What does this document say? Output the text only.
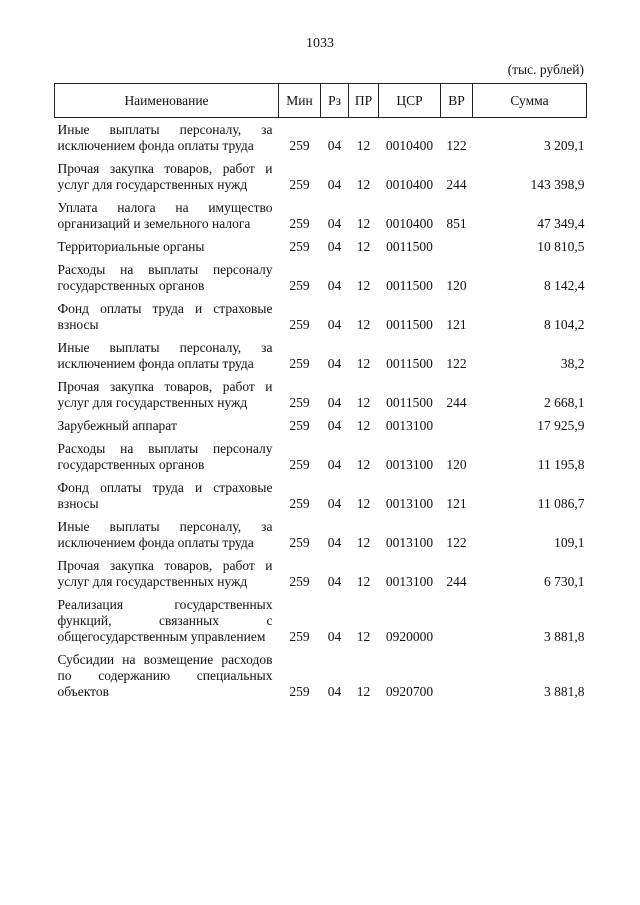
1033
(тыс. рублей)
Наименование	Мин	Рз	ПР	ЦСР	ВР	Сумма
Иные выплаты персоналу, за исключением фонда оплаты труда	259	04	12	0010400	122	3 209,1
Прочая закупка товаров, работ и услуг для государственных нужд	259	04	12	0010400	244	143 398,9
Уплата налога на имущество организаций и земельного налога	259	04	12	0010400	851	47 349,4
Территориальные органы	259	04	12	0011500		10 810,5
Расходы на выплаты персоналу государственных органов	259	04	12	0011500	120	8 142,4
Фонд оплаты труда и страховые взносы	259	04	12	0011500	121	8 104,2
Иные выплаты персоналу, за исключением фонда оплаты труда	259	04	12	0011500	122	38,2
Прочая закупка товаров, работ и услуг для государственных нужд	259	04	12	0011500	244	2 668,1
Зарубежный аппарат	259	04	12	0013100		17 925,9
Расходы на выплаты персоналу государственных органов	259	04	12	0013100	120	11 195,8
Фонд оплаты труда и страховые взносы	259	04	12	0013100	121	11 086,7
Иные выплаты персоналу, за исключением фонда оплаты труда	259	04	12	0013100	122	109,1
Прочая закупка товаров, работ и услуг для государственных нужд	259	04	12	0013100	244	6 730,1
Реализация государственных функций, связанных с общегосударственным управлением	259	04	12	0920000		3 881,8
Субсидии на возмещение расходов по содержанию специальных объектов	259	04	12	0920700		3 881,8
